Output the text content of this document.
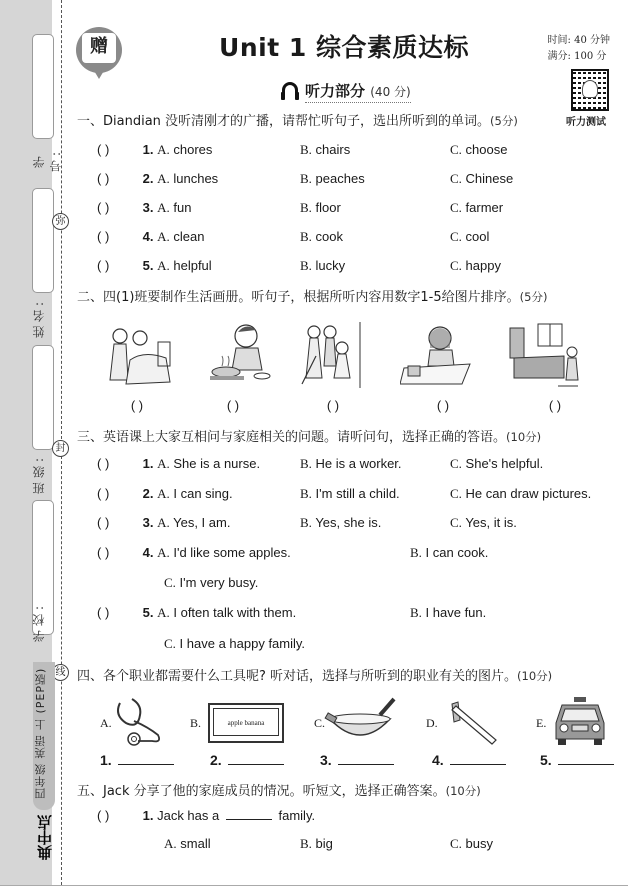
学号:
姓名:
班级:
学校:
弥
封
线
四年级 英语 上 (PEP版)
典中点
赠	Unit 1 综合素质达标	时间: 40 分钟
满分: 100 分
听力测试
听力部分 (40 分)
一、Diandian 没听清刚才的广播，请帮忙听句子，选出所听到的单词。(5分)
( )	1. A. chores	B. chairs	C. choose
( )	2. A. lunches	B. peaches	C. Chinese
( )	3. A. fun	B. floor	C. farmer
( )	4. A. clean	B. cook	C. cool
( )	5. A. helpful	B. lucky	C. happy
二、四(1)班要制作生活画册。听句子，根据所听内容用数字1-5给图片排序。(5分)
( )	( )	( )	( )	( )
三、英语课上大家互相问与家庭相关的问题。请听问句，选择正确的答语。(10分)
( )	1. A. She is a nurse.	B. He is a worker.	C. She's helpful.
( )	2. A. I can sing.	B. I'm still a child.	C. He can draw pictures.
( )	3. A. Yes, I am.	B. Yes, she is.	C. Yes, it is.
( )	4. A. I'd like some apples.	B. I can cook.
C. I'm very busy.
( )	5. A. I often talk with them.	B. I have fun.
C. I have a happy family.
四、各个职业都需要什么工具呢? 听对话，选择与所听到的职业有关的图片。(10分)
A.	B.	apple banana	C.	D.	E.
1.	2.	3.	4.	5.
五、Jack 分享了他的家庭成员的情况。听短文，选择正确答案。(10分)
( )	1. Jack has a	family.
A. small	B. big	C. busy
